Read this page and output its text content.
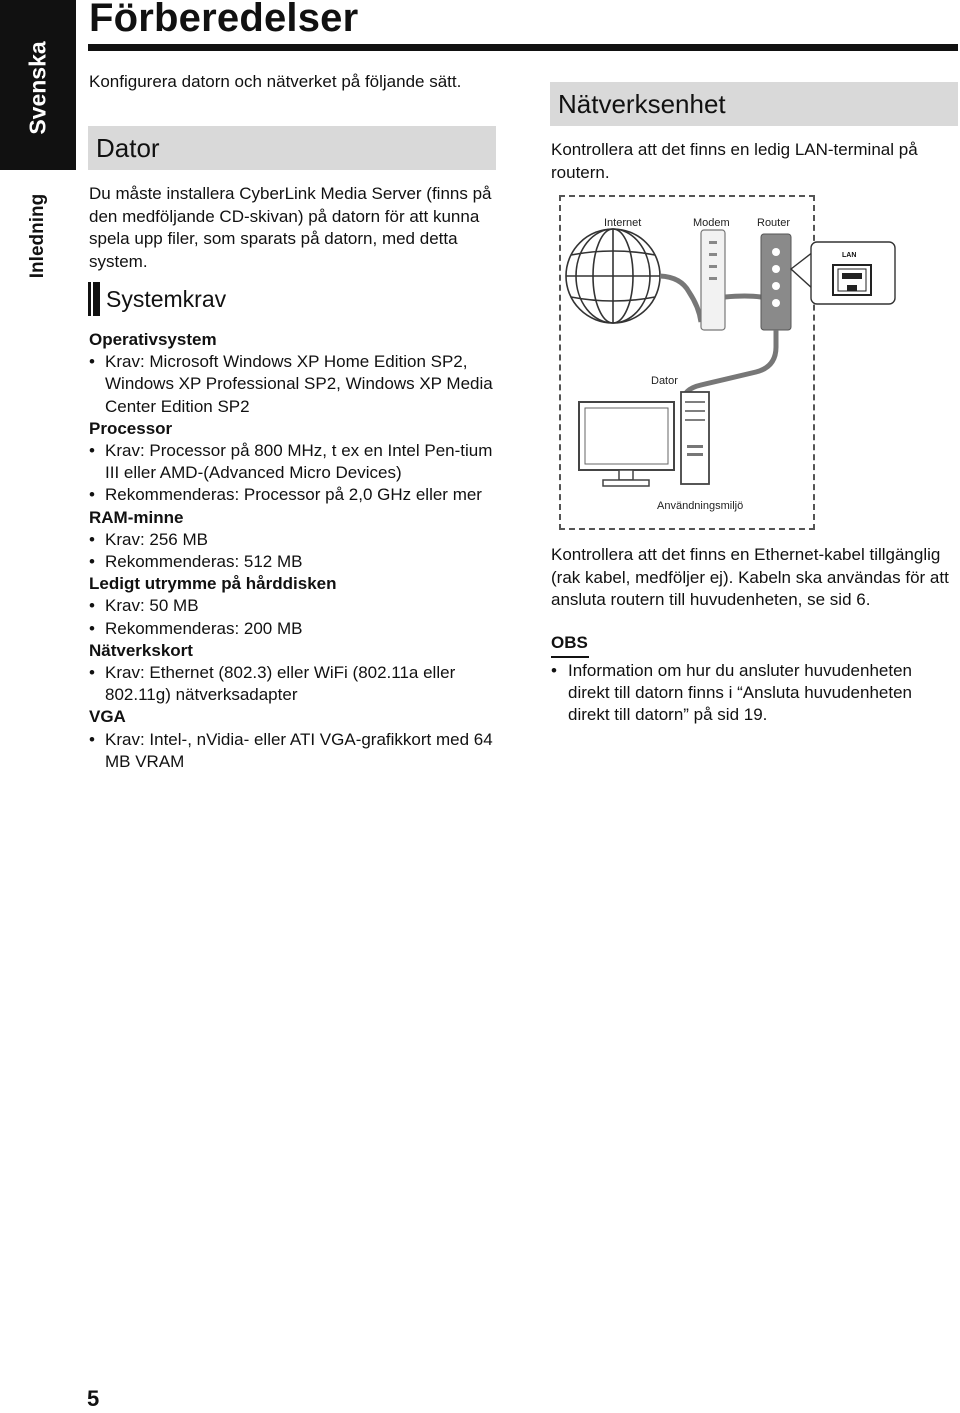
Svenska
Inledning
Förberedelser
Konfigurera datorn och nätverket på följande sätt.
Dator
Du måste installera CyberLink Media Server (finns på den medföljande CD-skivan) på datorn för att kunna spela upp filer, som sparats på datorn, med detta system.
Systemkrav
Operativsystem
• Krav: Microsoft Windows XP Home Edition SP2, Windows XP Professional SP2, Windows XP Media Center Edition SP2
Processor
• Krav: Processor på 800 MHz, t ex en Intel Pen-tium III eller AMD-(Advanced Micro Devices)
• Rekommenderas: Processor på 2,0 GHz eller mer
RAM-minne
• Krav: 256 MB
• Rekommenderas: 512 MB
Ledigt utrymme på hårddisken
• Krav: 50 MB
• Rekommenderas: 200 MB
Nätverkskort
• Krav: Ethernet (802.3) eller WiFi (802.11a eller 802.11g) nätverksadapter
VGA
• Krav: Intel-, nVidia- eller ATI VGA-grafikkort med 64 MB VRAM
Nätverksenhet
Kontrollera att det finns en ledig LAN-terminal på routern.
Internet	Modem Router
LAN
Dator
Användningsmiljö
Kontrollera att det finns en Ethernet-kabel tillgänglig (rak kabel, medföljer ej). Kabeln ska användas för att ansluta routern till huvudenheten, se sid 6.
OBS
• Information om hur du ansluter huvudenheten direkt till datorn finns i “Ansluta huvudenheten direkt till datorn” på sid 19.
5
